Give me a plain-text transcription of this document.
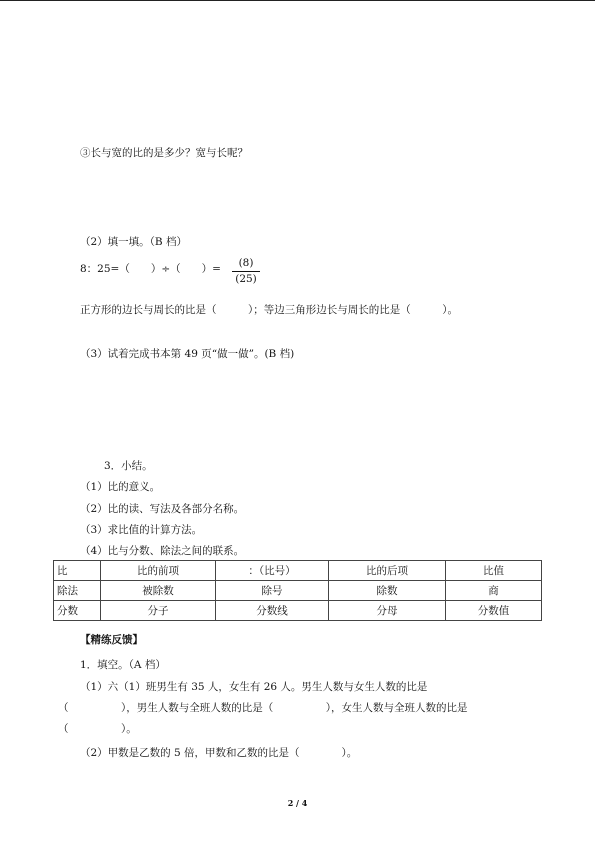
③长与宽的比的是多少？宽与长呢？
（2）填一填。（B 档）
8：25=（　　）÷（　　）=	(8)
(25)
正方形的边长与周长的比是（　　　）；等边三角形边长与周长的比是（　　　）。
（3）试着完成书本第 49 页“做一做”。(B 档)
3．小结。
（1）比的意义。
（2）比的读、写法及各部分名称。
（3）求比值的计算方法。
（4）比与分数、除法之间的联系。
比	比的前项	：（比号）	比的后项	比值
除法	被除数	除号	除数	商
分数	分子	分数线	分母	分数值
【精练反馈】
1．填空。（A 档）
（1）六（1）班男生有 35 人，女生有 26 人。男生人数与女生人数的比是
（　　　　　），男生人数与全班人数的比是（　　　　　），女生人数与全班人数的比是
（　　　　　）。
（2）甲数是乙数的 5 倍，甲数和乙数的比是（　　　　）。
2 / 4
